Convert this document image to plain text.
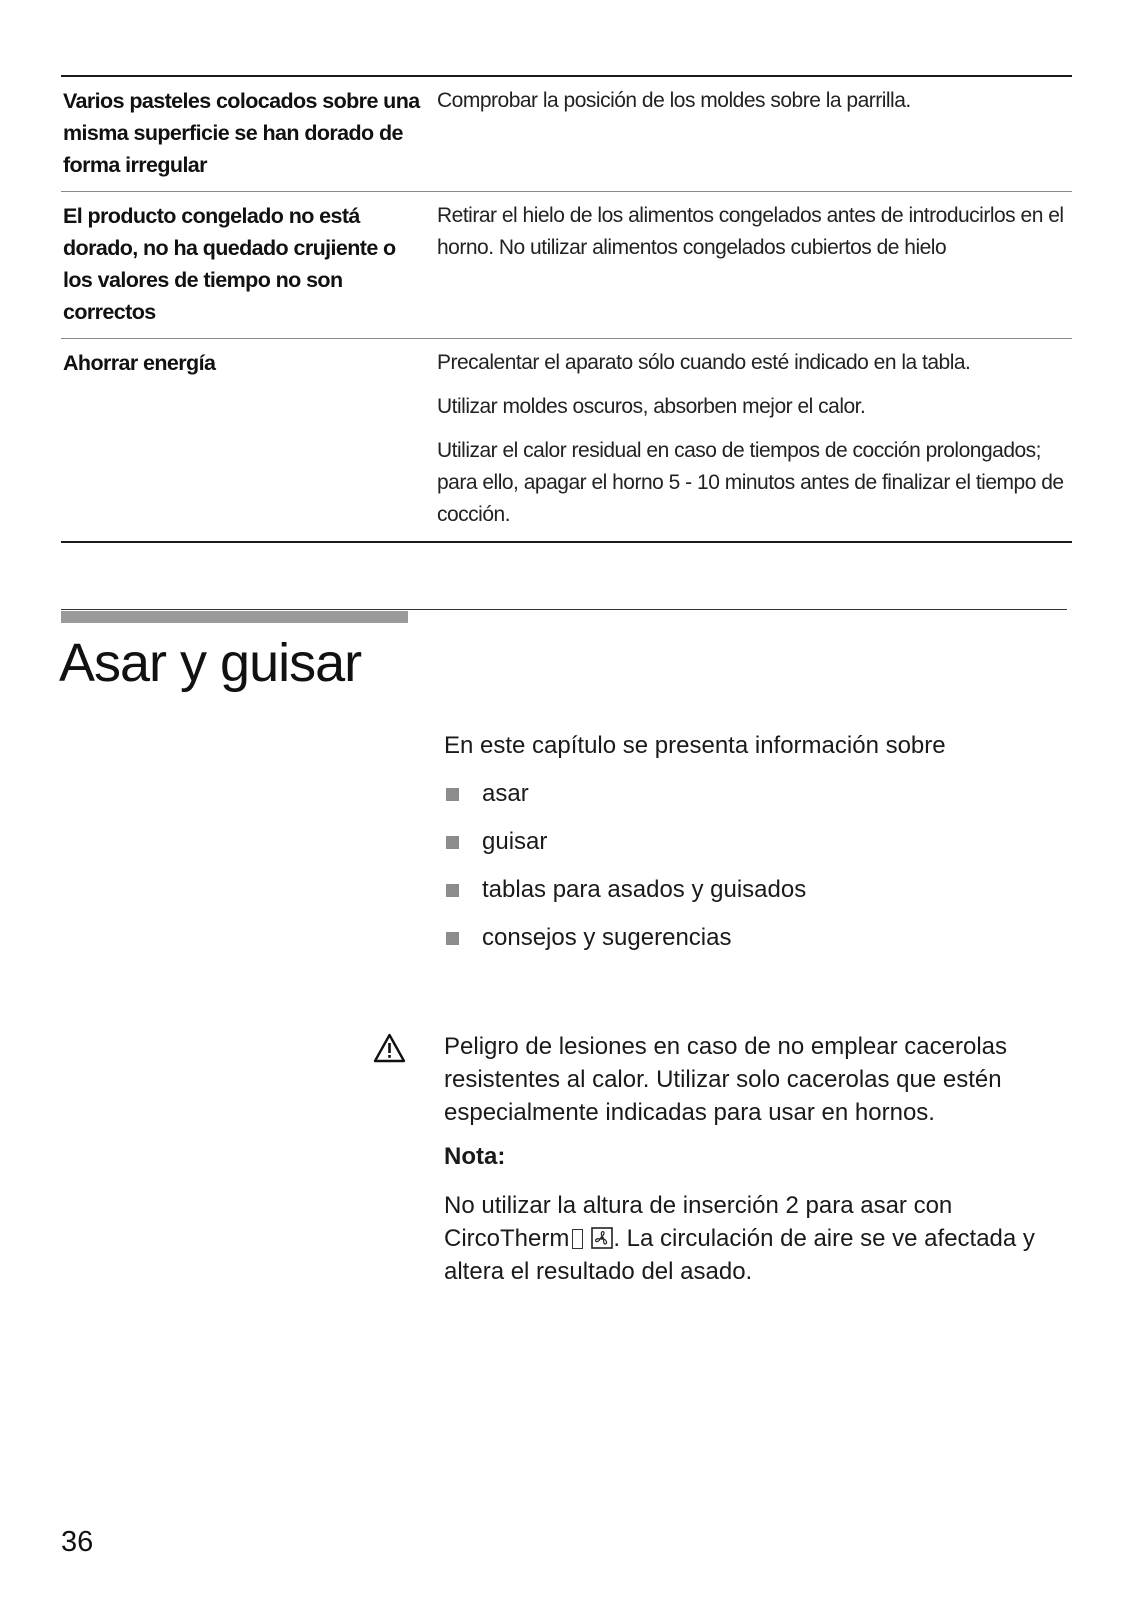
Varios pasteles colocados sobre una misma superficie se han dorado de forma irregular

Comprobar la posición de los moldes sobre la parrilla.

El producto congelado no está dorado, no ha quedado crujiente o los valores de tiempo no son correctos

Retirar el hielo de los alimentos congelados antes de introducirlos en el horno. No utilizar alimentos congelados cubiertos de hielo

Ahorrar energía	Precalentar el aparato sólo cuando esté indicado en la tabla.

Utilizar moldes oscuros, absorben mejor el calor.

Utilizar el calor residual en caso de tiempos de cocción prolongados; para ello, apagar el horno 5 - 10 minutos antes de finalizar el tiempo de cocción.

Asar y guisar

En este capítulo se presenta información sobre

asar
guisar
tablas para asados y guisados
consejos y sugerencias

Peligro de lesiones en caso de no emplear cacerolas resistentes al calor. Utilizar solo cacerolas que estén especialmente indicadas para usar en hornos.

Nota:

No utilizar la altura de inserción 2 para asar con CircoTherm . La circulación de aire se ve afectada y altera el resultado del asado.

36
